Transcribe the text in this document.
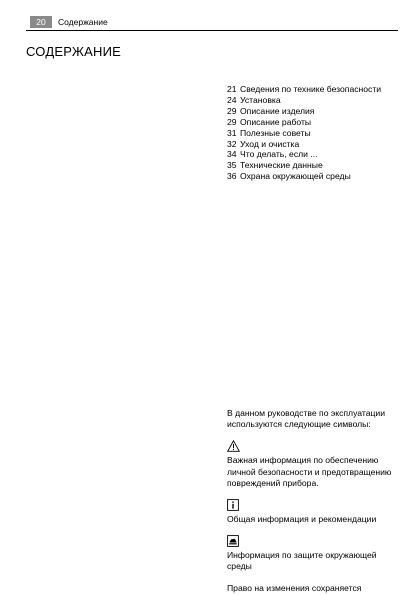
20	Содержание
СОДЕРЖАНИЕ
21 Сведения по технике безопасности
24 Установка
29 Описание изделия
29 Описание работы
31 Полезные советы
32 Уход и очистка
34 Что делать, если ...
35 Технические данные
36 Охрана окружающей среды

В данном руководстве по эксплуатации используются следующие символы:

Важная информация по обеспечению личной безопасности и предотвращению повреждений прибора.

Общая информация и рекомендации

Информация по защите окружающей среды

Право на изменения сохраняется
